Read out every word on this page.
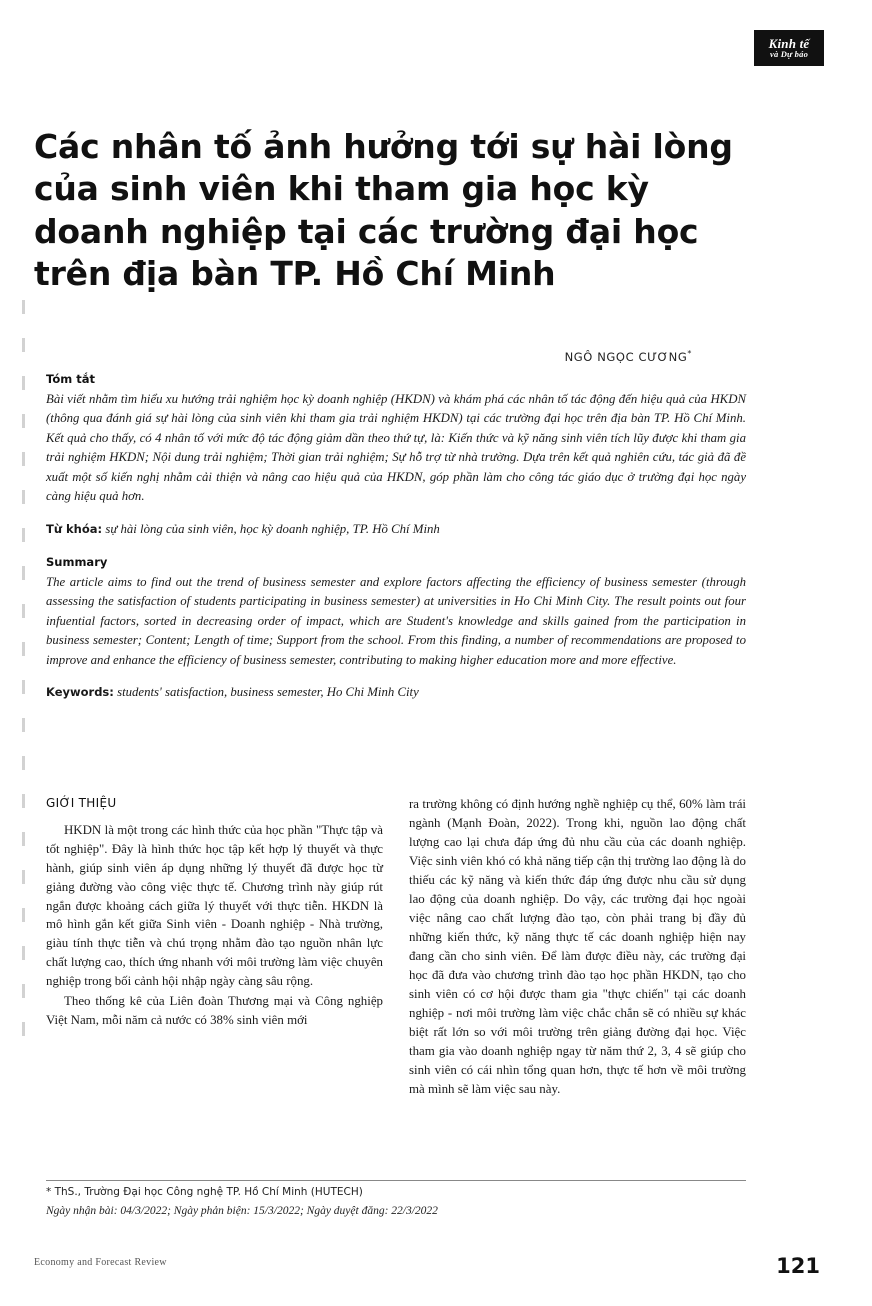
Kinh tế
và Dự báo
Các nhân tố ảnh hưởng tới sự hài lòng của sinh viên khi tham gia học kỳ doanh nghiệp tại các trường đại học trên địa bàn TP. Hồ Chí Minh
NGÔ NGỌC CƯƠNG*
Tóm tắt
Bài viết nhằm tìm hiểu xu hướng trải nghiệm học kỳ doanh nghiệp (HKDN) và khám phá các nhân tố tác động đến hiệu quả của HKDN (thông qua đánh giá sự hài lòng của sinh viên khi tham gia trải nghiệm HKDN) tại các trường đại học trên địa bàn TP. Hồ Chí Minh. Kết quả cho thấy, có 4 nhân tố với mức độ tác động giảm dần theo thứ tự, là: Kiến thức và kỹ năng sinh viên tích lũy được khi tham gia trải nghiệm HKDN; Nội dung trải nghiệm; Thời gian trải nghiệm; Sự hỗ trợ từ nhà trường. Dựa trên kết quả nghiên cứu, tác giả đã đề xuất một số kiến nghị nhằm cải thiện và nâng cao hiệu quả của HKDN, góp phần làm cho công tác giáo dục ở trường đại học ngày càng hiệu quả hơn.
Từ khóa: sự hài lòng của sinh viên, học kỳ doanh nghiệp, TP. Hồ Chí Minh
Summary
The article aims to find out the trend of business semester and explore factors affecting the efficiency of business semester (through assessing the satisfaction of students participating in business semester) at universities in Ho Chi Minh City. The result points out four infuential factors, sorted in decreasing order of impact, which are Student's knowledge and skills gained from the participation in business semester; Content; Length of time; Support from the school. From this finding, a number of recommendations are proposed to improve and enhance the efficiency of business semester, contributing to making higher education more and more effective.
Keywords: students' satisfaction, business semester, Ho Chi Minh City
GIỚI THIỆU

HKDN là một trong các hình thức của học phần "Thực tập và tốt nghiệp". Đây là hình thức học tập kết hợp lý thuyết và thực hành, giúp sinh viên áp dụng những lý thuyết đã được học từ giảng đường vào công việc thực tế. Chương trình này giúp rút ngắn được khoảng cách giữa lý thuyết với thực tiễn. HKDN là mô hình gắn kết giữa Sinh viên - Doanh nghiệp - Nhà trường, giàu tính thực tiễn và chú trọng nhằm đào tạo nguồn nhân lực chất lượng cao, thích ứng nhanh với môi trường làm việc chuyên nghiệp trong bối cảnh hội nhập ngày càng sâu rộng.

Theo thống kê của Liên đoàn Thương mại và Công nghiệp Việt Nam, mỗi năm cả nước có 38% sinh viên mới

ra trường không có định hướng nghề nghiệp cụ thể, 60% làm trái ngành (Mạnh Đoàn, 2022). Trong khi, nguồn lao động chất lượng cao lại chưa đáp ứng đủ nhu cầu của các doanh nghiệp. Việc sinh viên khó có khả năng tiếp cận thị trường lao động là do thiếu các kỹ năng và kiến thức đáp ứng được nhu cầu sử dụng lao động của doanh nghiệp. Do vậy, các trường đại học ngoài việc nâng cao chất lượng đào tạo, còn phải trang bị đầy đủ những kiến thức, kỹ năng thực tế các doanh nghiệp hiện nay đang cần cho sinh viên. Để làm được điều này, các trường đại học đã đưa vào chương trình đào tạo học phần HKDN, tạo cho sinh viên có cơ hội được tham gia "thực chiến" tại các doanh nghiệp - nơi môi trường làm việc chắc chắn sẽ có nhiều sự khác biệt rất lớn so với môi trường trên giảng đường đại học. Việc tham gia vào doanh nghiệp ngay từ năm thứ 2, 3, 4 sẽ giúp cho sinh viên có cái nhìn tổng quan hơn, thực tế hơn về môi trường mà mình sẽ làm việc sau này.

* ThS., Trường Đại học Công nghệ TP. Hồ Chí Minh (HUTECH)
Ngày nhận bài: 04/3/2022; Ngày phản biện: 15/3/2022; Ngày duyệt đăng: 22/3/2022
Economy and Forecast Review	121
